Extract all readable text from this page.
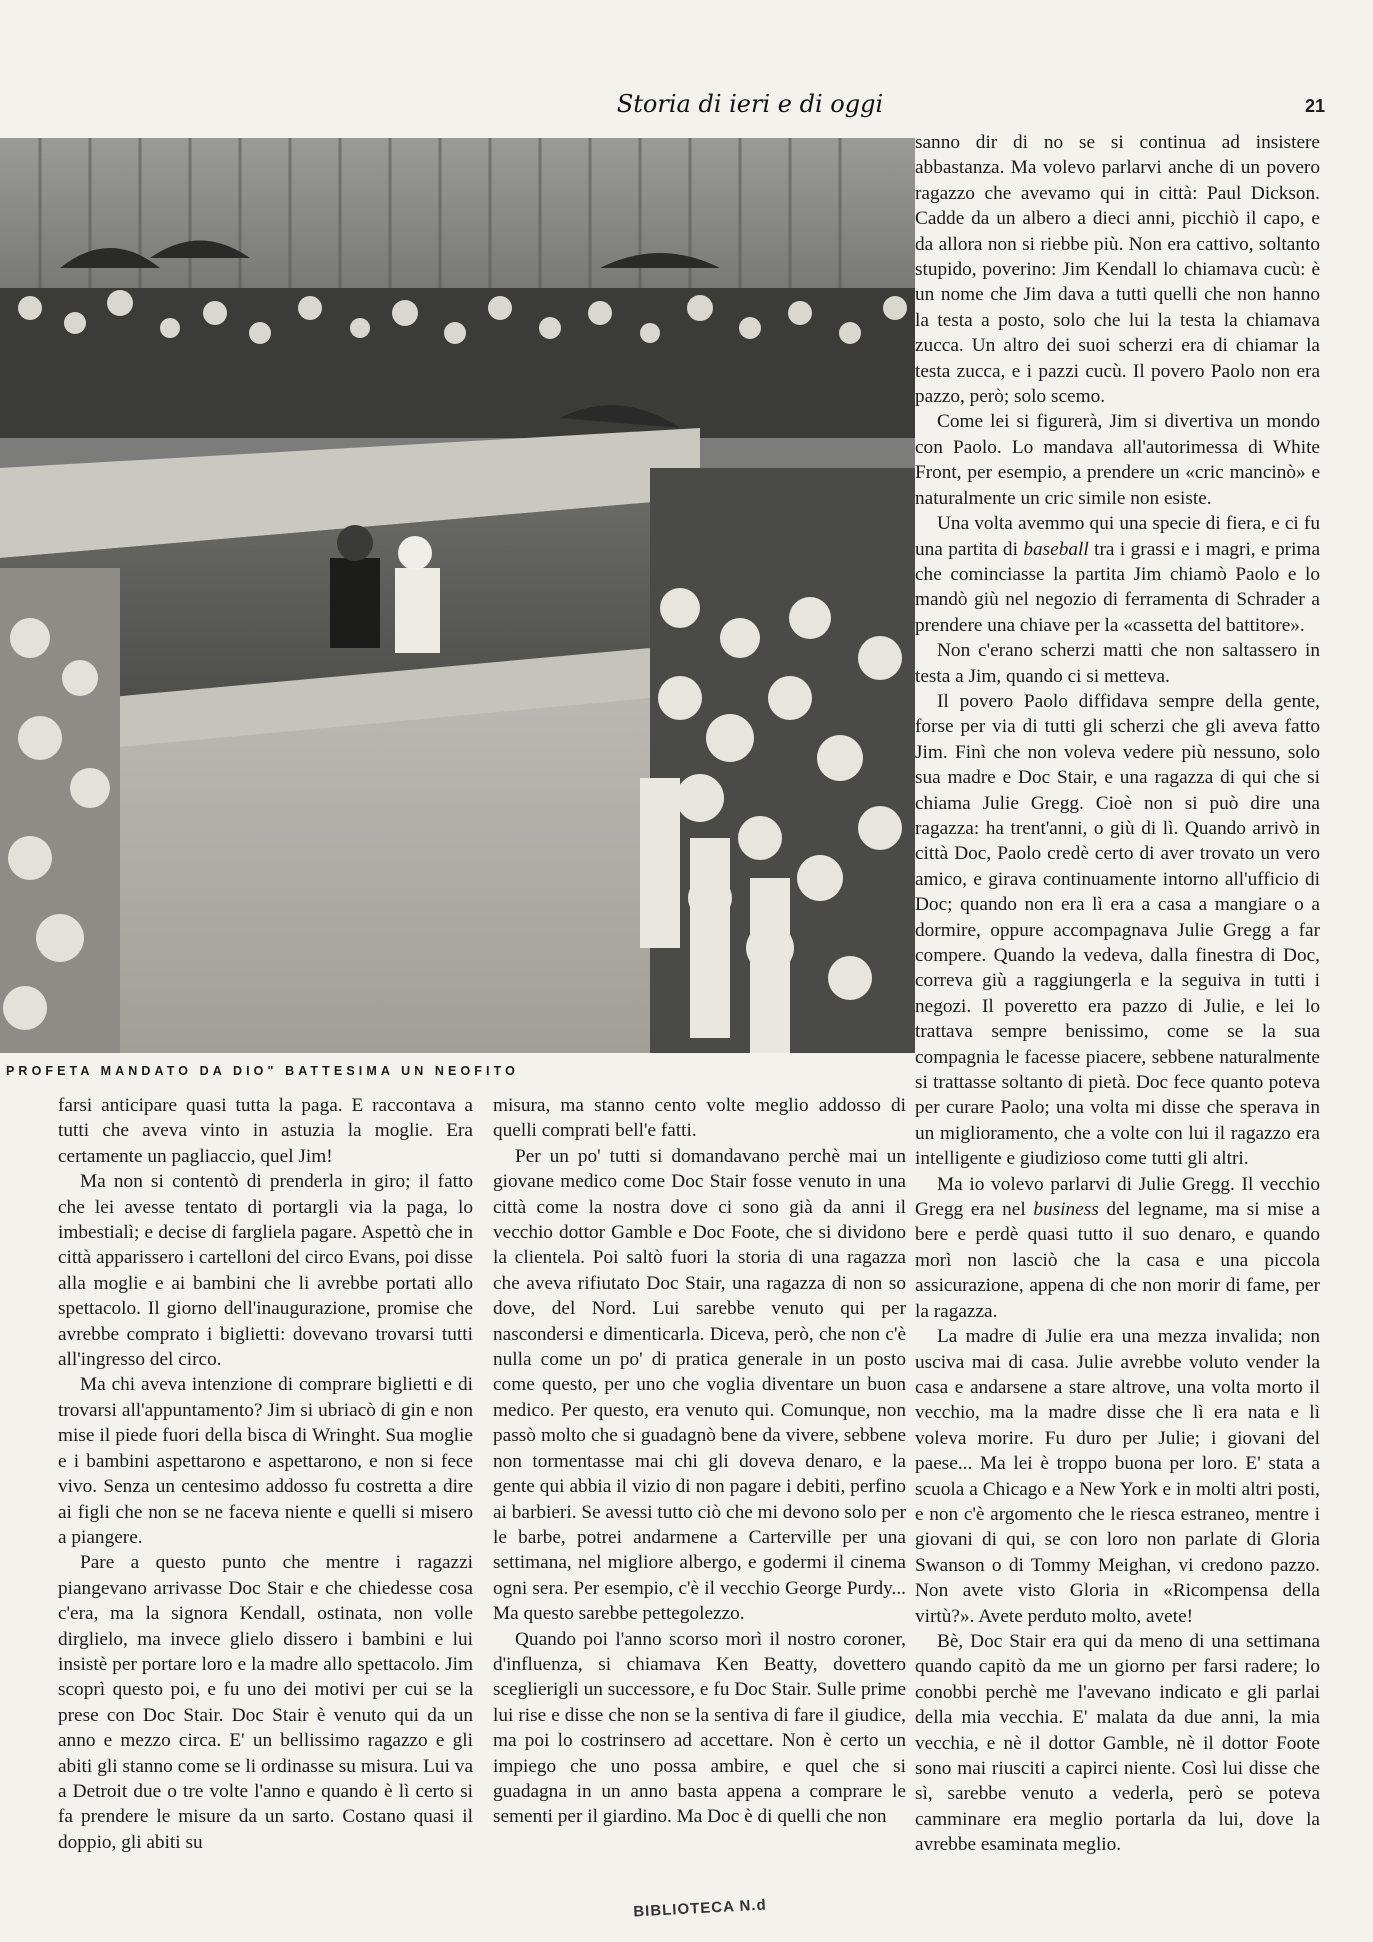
Storia di ieri e di oggi	21
PROFETA MANDATO DA DIO" BATTESIMA UN NEOFITO

sanno dir di no se si continua ad insistere abbastanza. Ma volevo parlarvi anche di un povero ragazzo che avevamo qui in città: Paul Dickson. Cadde da un albero a dieci anni, picchiò il capo, e da allora non si riebbe più. Non era cattivo, soltanto stupido, poverino: Jim Kendall lo chiamava cucù: è un nome che Jim dava a tutti quelli che non hanno la testa a posto, solo che lui la testa la chiamava zucca. Un altro dei suoi scherzi era di chiamar la testa zucca, e i pazzi cucù. Il povero Paolo non era pazzo, però; solo scemo.

Come lei si figurerà, Jim si divertiva un mondo con Paolo. Lo mandava all'autorimessa di White Front, per esempio, a prendere un «cric mancinò» e naturalmente un cric simile non esiste.

Una volta avemmo qui una specie di fiera, e ci fu una partita di baseball tra i grassi e i magri, e prima che cominciasse la partita Jim chiamò Paolo e lo mandò giù nel negozio di ferramenta di Schrader a prendere una chiave per la «cassetta del battitore».

Non c'erano scherzi matti che non saltassero in testa a Jim, quando ci si metteva.

Il povero Paolo diffidava sempre della gente, forse per via di tutti gli scherzi che gli aveva fatto Jim. Finì che non voleva vedere più nessuno, solo sua madre e Doc Stair, e una ragazza di qui che si chiama Julie Gregg. Cioè non si può dire una ragazza: ha trent'anni, o giù di lì. Quando arrivò in città Doc, Paolo credè certo di aver trovato un vero amico, e girava continuamente intorno all'ufficio di Doc; quando non era lì era a casa a mangiare o a dormire, oppure accompagnava Julie Gregg a far compere. Quando la vedeva, dalla finestra di Doc, correva giù a raggiungerla e la seguiva in tutti i negozi. Il poveretto era pazzo di Julie, e lei lo trattava sempre benissimo, come se la sua compagnia le facesse piacere, sebbene naturalmente si trattasse soltanto di pietà. Doc fece quanto poteva per curare Paolo; una volta mi disse che sperava in un miglioramento, che a volte con lui il ragazzo era intelligente e giudizioso come tutti gli altri.

Ma io volevo parlarvi di Julie Gregg. Il vecchio Gregg era nel business del legname, ma si mise a bere e perdè quasi tutto il suo denaro, e quando morì non lasciò che la casa e una piccola assicurazione, appena di che non morir di fame, per la ragazza.

La madre di Julie era una mezza invalida; non usciva mai di casa. Julie avrebbe voluto vender la casa e andarsene a stare altrove, una volta morto il vecchio, ma la madre disse che lì era nata e lì voleva morire. Fu duro per Julie; i giovani del paese... Ma lei è troppo buona per loro. E' stata a scuola a Chicago e a New York e in molti altri posti, e non c'è argomento che le riesca estraneo, mentre i giovani di qui, se con loro non parlate di Gloria Swanson o di Tommy Meighan, vi credono pazzo. Non avete visto Gloria in «Ricompensa della virtù?». Avete perduto molto, avete!

Bè, Doc Stair era qui da meno di una settimana quando capitò da me un giorno per farsi radere; lo conobbi perchè me l'avevano indicato e gli parlai della mia vecchia. E' malata da due anni, la mia vecchia, e nè il dottor Gamble, nè il dottor Foote sono mai riusciti a capirci niente. Così lui disse che sì, sarebbe venuto a vederla, però se poteva camminare era meglio portarla da lui, dove la avrebbe esaminata meglio.

farsi anticipare quasi tutta la paga. E raccontava a tutti che aveva vinto in astuzia la moglie. Era certamente un pagliaccio, quel Jim!

Ma non si contentò di prenderla in giro; il fatto che lei avesse tentato di portargli via la paga, lo imbestialì; e decise di fargliela pagare. Aspettò che in città apparissero i cartelloni del circo Evans, poi disse alla moglie e ai bambini che li avrebbe portati allo spettacolo. Il giorno dell'inaugurazione, promise che avrebbe comprato i biglietti: dovevano trovarsi tutti all'ingresso del circo.

Ma chi aveva intenzione di comprare biglietti e di trovarsi all'appuntamento? Jim si ubriacò di gin e non mise il piede fuori della bisca di Wringht. Sua moglie e i bambini aspettarono e aspettarono, e non si fece vivo. Senza un centesimo addosso fu costretta a dire ai figli che non se ne faceva niente e quelli si misero a piangere.

Pare a questo punto che mentre i ragazzi piangevano arrivasse Doc Stair e che chiedesse cosa c'era, ma la signora Kendall, ostinata, non volle dirglielo, ma invece glielo dissero i bambini e lui insistè per portare loro e la madre allo spettacolo. Jim scoprì questo poi, e fu uno dei motivi per cui se la prese con Doc Stair. Doc Stair è venuto qui da un anno e mezzo circa. E' un bellissimo ragazzo e gli abiti gli stanno come se li ordinasse su misura. Lui va a Detroit due o tre volte l'anno e quando è lì certo si fa prendere le misure da un sarto. Costano quasi il doppio, gli abiti su

misura, ma stanno cento volte meglio addosso di quelli comprati bell'e fatti.

Per un po' tutti si domandavano perchè mai un giovane medico come Doc Stair fosse venuto in una città come la nostra dove ci sono già da anni il vecchio dottor Gamble e Doc Foote, che si dividono la clientela. Poi saltò fuori la storia di una ragazza che aveva rifiutato Doc Stair, una ragazza di non so dove, del Nord. Lui sarebbe venuto qui per nascondersi e dimenticarla. Diceva, però, che non c'è nulla come un po' di pratica generale in un posto come questo, per uno che voglia diventare un buon medico. Per questo, era venuto qui. Comunque, non passò molto che si guadagnò bene da vivere, sebbene non tormentasse mai chi gli doveva denaro, e la gente qui abbia il vizio di non pagare i debiti, perfino ai barbieri. Se avessi tutto ciò che mi devono solo per le barbe, potrei andarmene a Carterville per una settimana, nel migliore albergo, e godermi il cinema ogni sera. Per esempio, c'è il vecchio George Purdy... Ma questo sarebbe pettegolezzo.

Quando poi l'anno scorso morì il nostro coroner, d'influenza, si chiamava Ken Beatty, dovettero sceglierigli un successore, e fu Doc Stair. Sulle prime lui rise e disse che non se la sentiva di fare il giudice, ma poi lo costrinsero ad accettare. Non è certo un impiego che uno possa ambire, e quel che si guadagna in un anno basta appena a comprare le sementi per il giardino. Ma Doc è di quelli che non

BIBLIOTECA N.d
